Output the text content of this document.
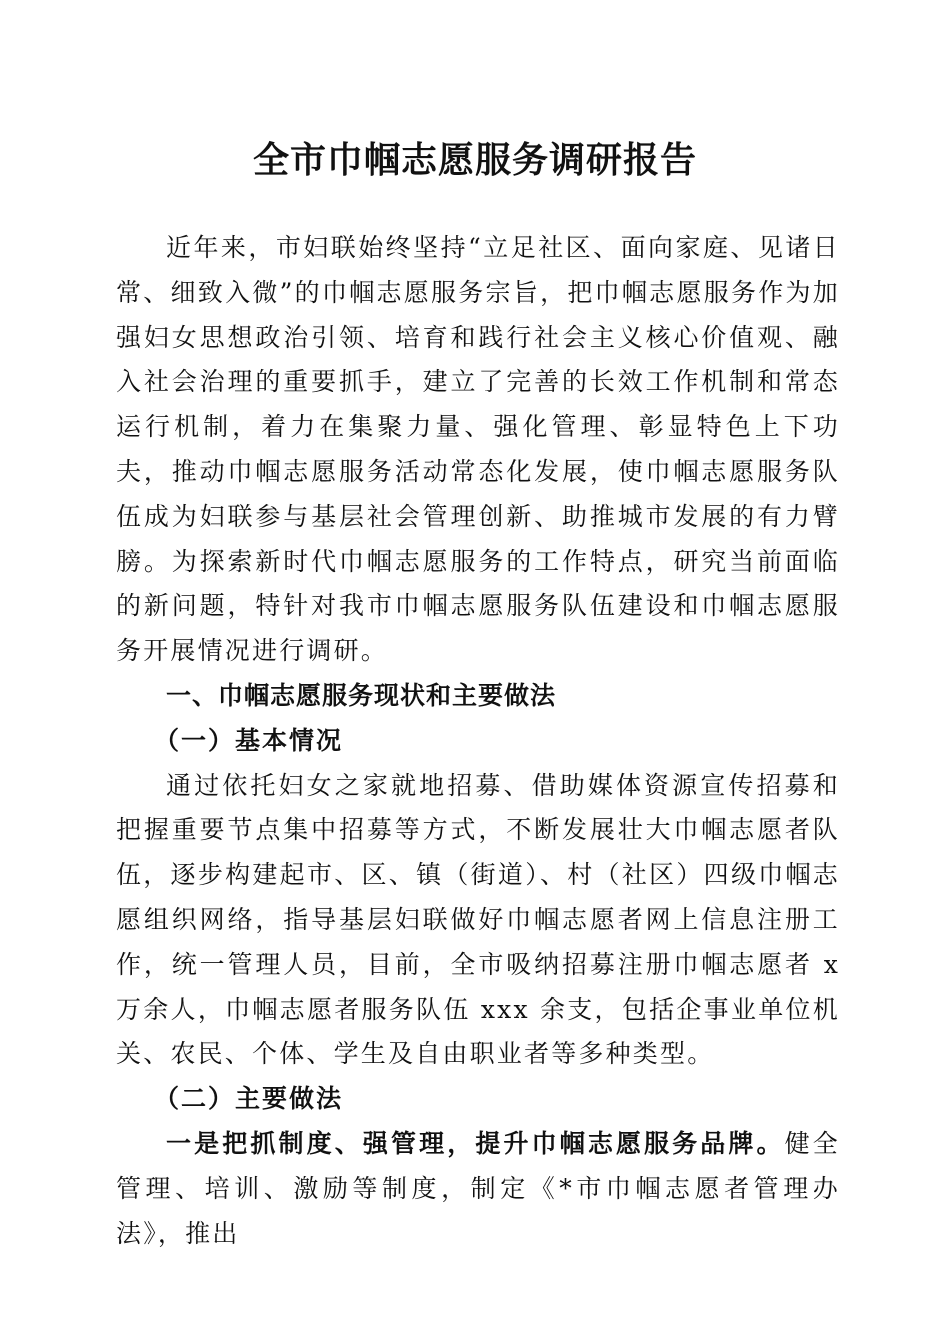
全市巾帼志愿服务调研报告

近年来，市妇联始终坚持“立足社区、面向家庭、见诸日常、细致入微”的巾帼志愿服务宗旨，把巾帼志愿服务作为加强妇女思想政治引领、培育和践行社会主义核心价值观、融入社会治理的重要抓手，建立了完善的长效工作机制和常态运行机制，着力在集聚力量、强化管理、彰显特色上下功夫，推动巾帼志愿服务活动常态化发展，使巾帼志愿服务队伍成为妇联参与基层社会管理创新、助推城市发展的有力臂膀。为探索新时代巾帼志愿服务的工作特点，研究当前面临的新问题，特针对我市巾帼志愿服务队伍建设和巾帼志愿服务开展情况进行调研。

一、巾帼志愿服务现状和主要做法

（一）基本情况

通过依托妇女之家就地招募、借助媒体资源宣传招募和把握重要节点集中招募等方式，不断发展壮大巾帼志愿者队伍，逐步构建起市、区、镇（街道）、村（社区）四级巾帼志愿组织网络，指导基层妇联做好巾帼志愿者网上信息注册工作，统一管理人员，目前，全市吸纳招募注册巾帼志愿者 x 万余人，巾帼志愿者服务队伍 xxx 余支，包括企事业单位机关、农民、个体、学生及自由职业者等多种类型。

（二）主要做法

一是把抓制度、强管理，提升巾帼志愿服务品牌。健全管理、培训、激励等制度，制定《*市巾帼志愿者管理办法》，推出
